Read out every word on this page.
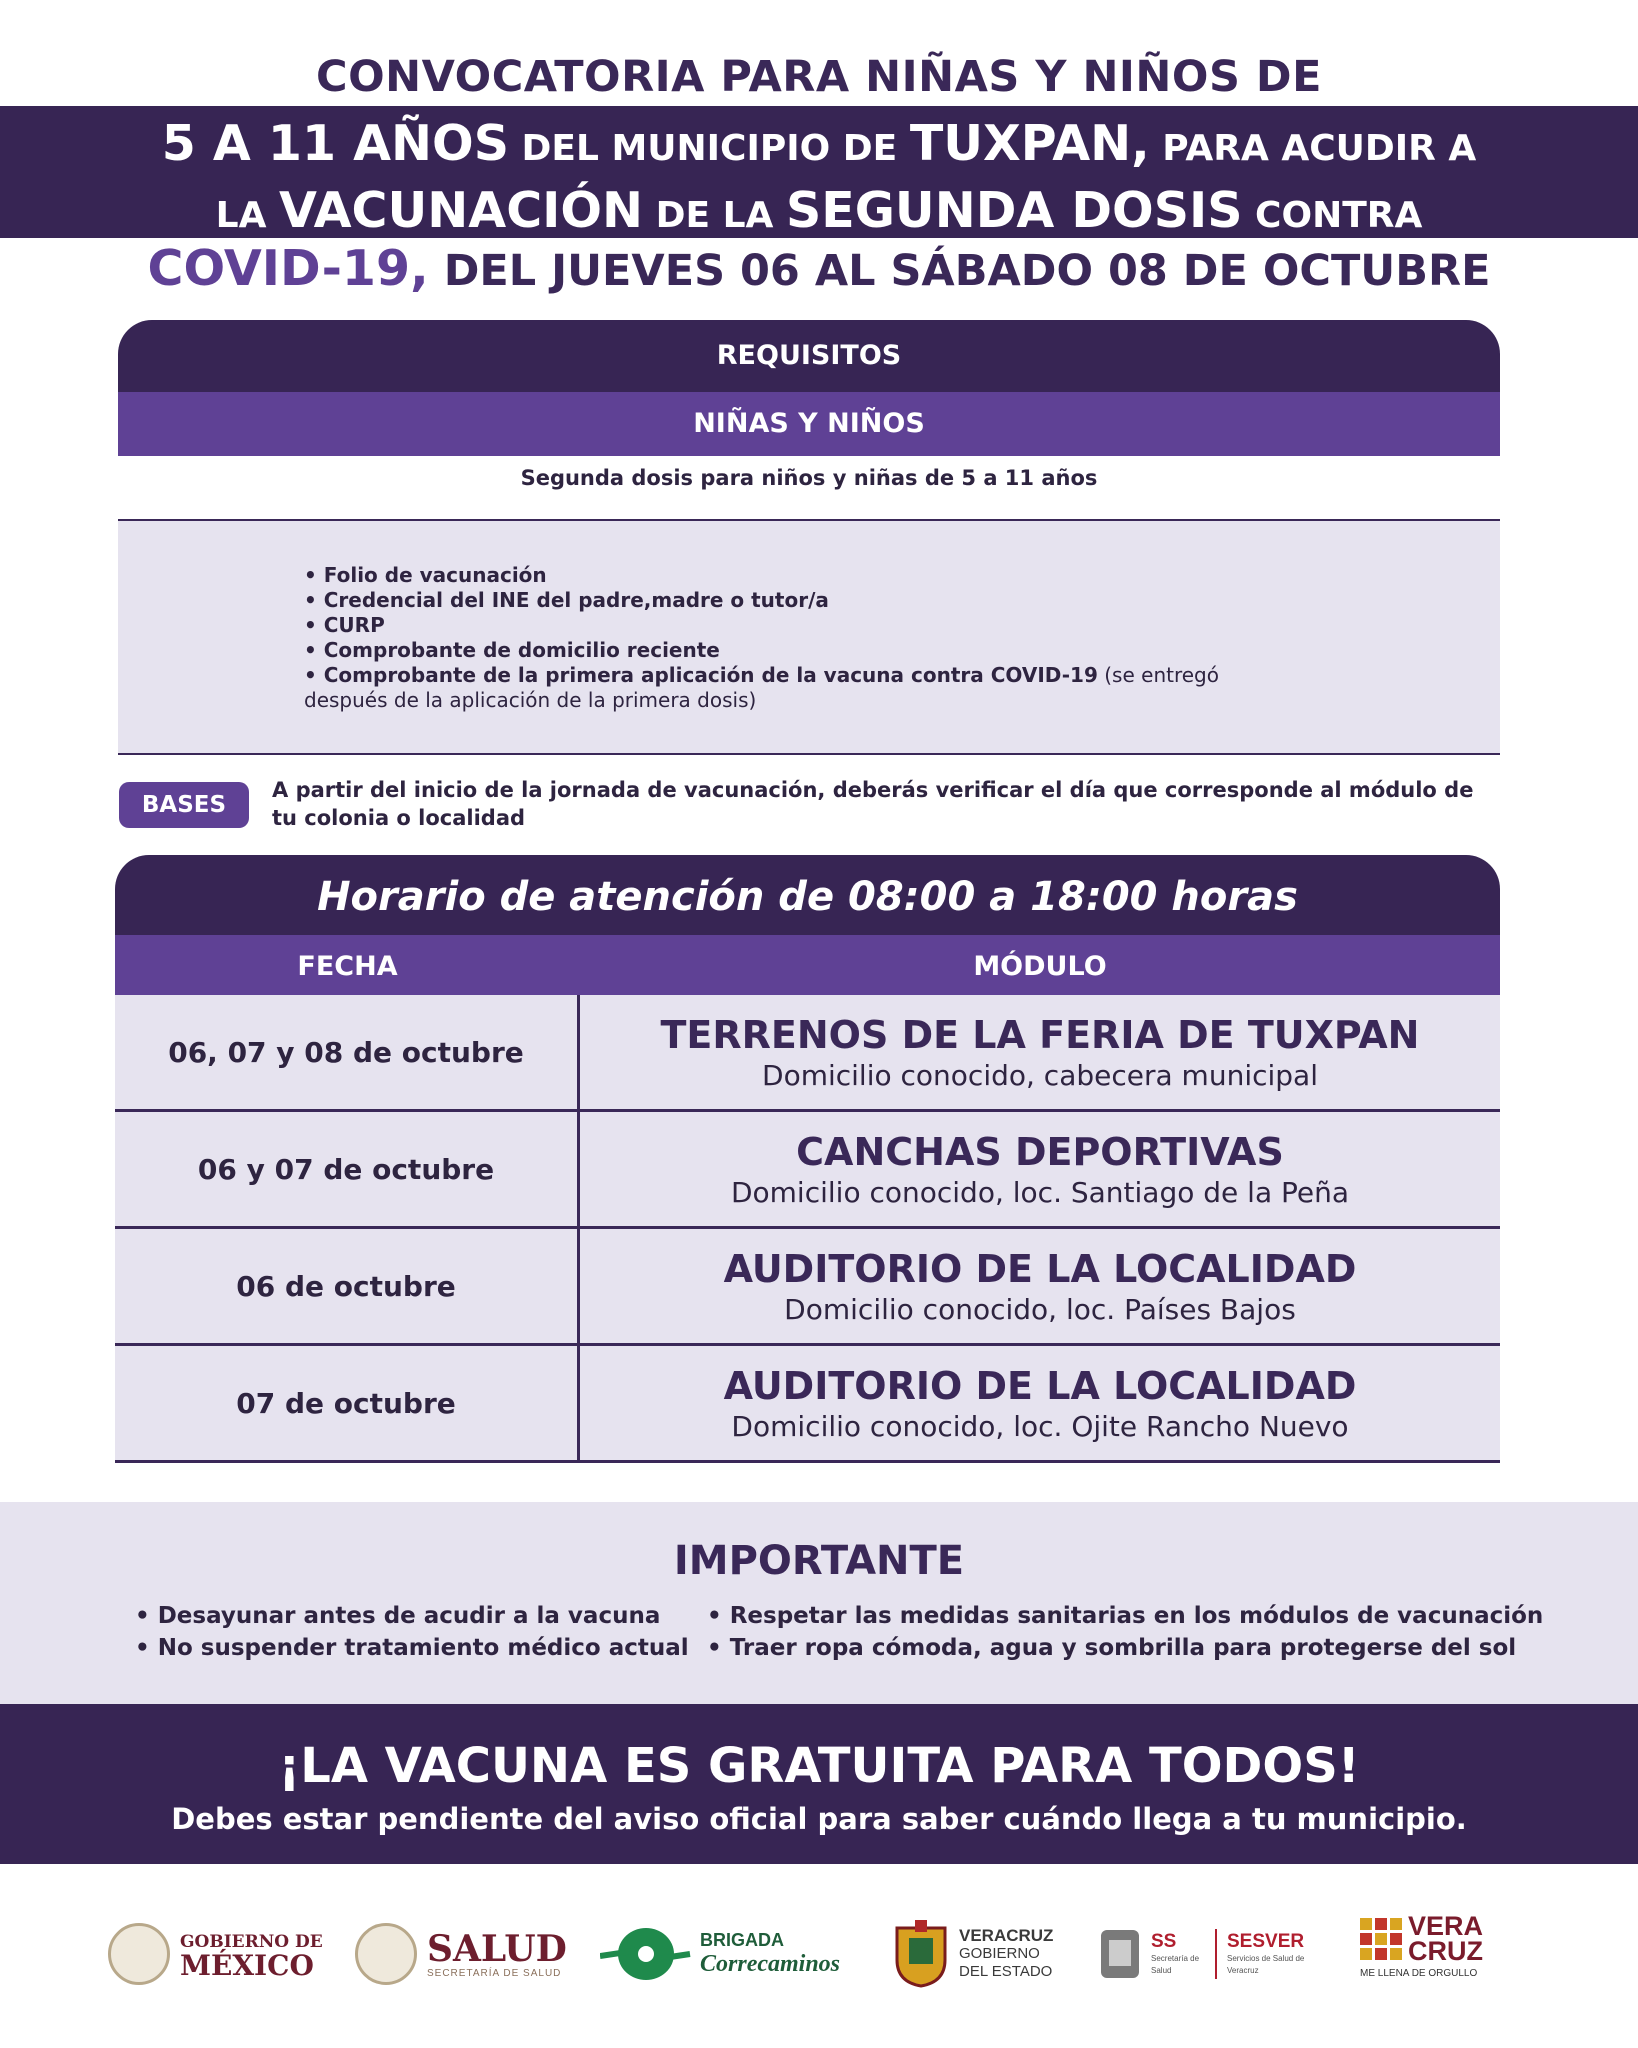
CONVOCATORIA PARA NIÑAS Y NIÑOS DE
5 A 11 AÑOS DEL MUNICIPIO DE TUXPAN, PARA ACUDIR A
LA VACUNACIÓN DE LA SEGUNDA DOSIS CONTRA
COVID-19, DEL JUEVES 06 AL SÁBADO 08 DE OCTUBRE
REQUISITOS
NIÑAS Y NIÑOS
Segunda dosis para niños y niñas de 5 a 11 años
• Folio de vacunación
• Credencial del INE del padre,madre o tutor/a
• CURP
• Comprobante de domicilio reciente
• Comprobante de la primera aplicación de la vacuna contra COVID-19 (se entregó después de la aplicación de la primera dosis)
BASES
A partir del inicio de la jornada de vacunación, deberás verificar el día que corresponde al módulo de tu colonia o localidad
Horario de atención de 08:00 a 18:00 horas
FECHA	MÓDULO
06, 07 y 08 de octubre	TERRENOS DE LA FERIA DE TUXPAN
Domicilio conocido, cabecera municipal
06 y 07 de octubre	CANCHAS DEPORTIVAS
Domicilio conocido, loc. Santiago de la Peña
06 de octubre	AUDITORIO DE LA LOCALIDAD
Domicilio conocido, loc. Países Bajos
07 de octubre	AUDITORIO DE LA LOCALIDAD
Domicilio conocido, loc. Ojite Rancho Nuevo
IMPORTANTE
• Desayunar antes de acudir a la vacuna
• No suspender tratamiento médico actual
• Respetar las medidas sanitarias en los módulos de vacunación
• Traer ropa cómoda, agua y sombrilla para protegerse del sol
¡LA VACUNA ES GRATUITA PARA TODOS!
Debes estar pendiente del aviso oficial para saber cuándo llega a tu municipio.
GOBIERNO DE
MÉXICO	SALUD
SECRETARÍA DE SALUD
BRIGADA
Correcaminos
VERACRUZ
GOBIERNO
DEL ESTADO
SS
Secretaría de Salud
SESVER
Servicios de Salud de Veracruz
VERA
CRUZ
ME LLENA DE ORGULLO
